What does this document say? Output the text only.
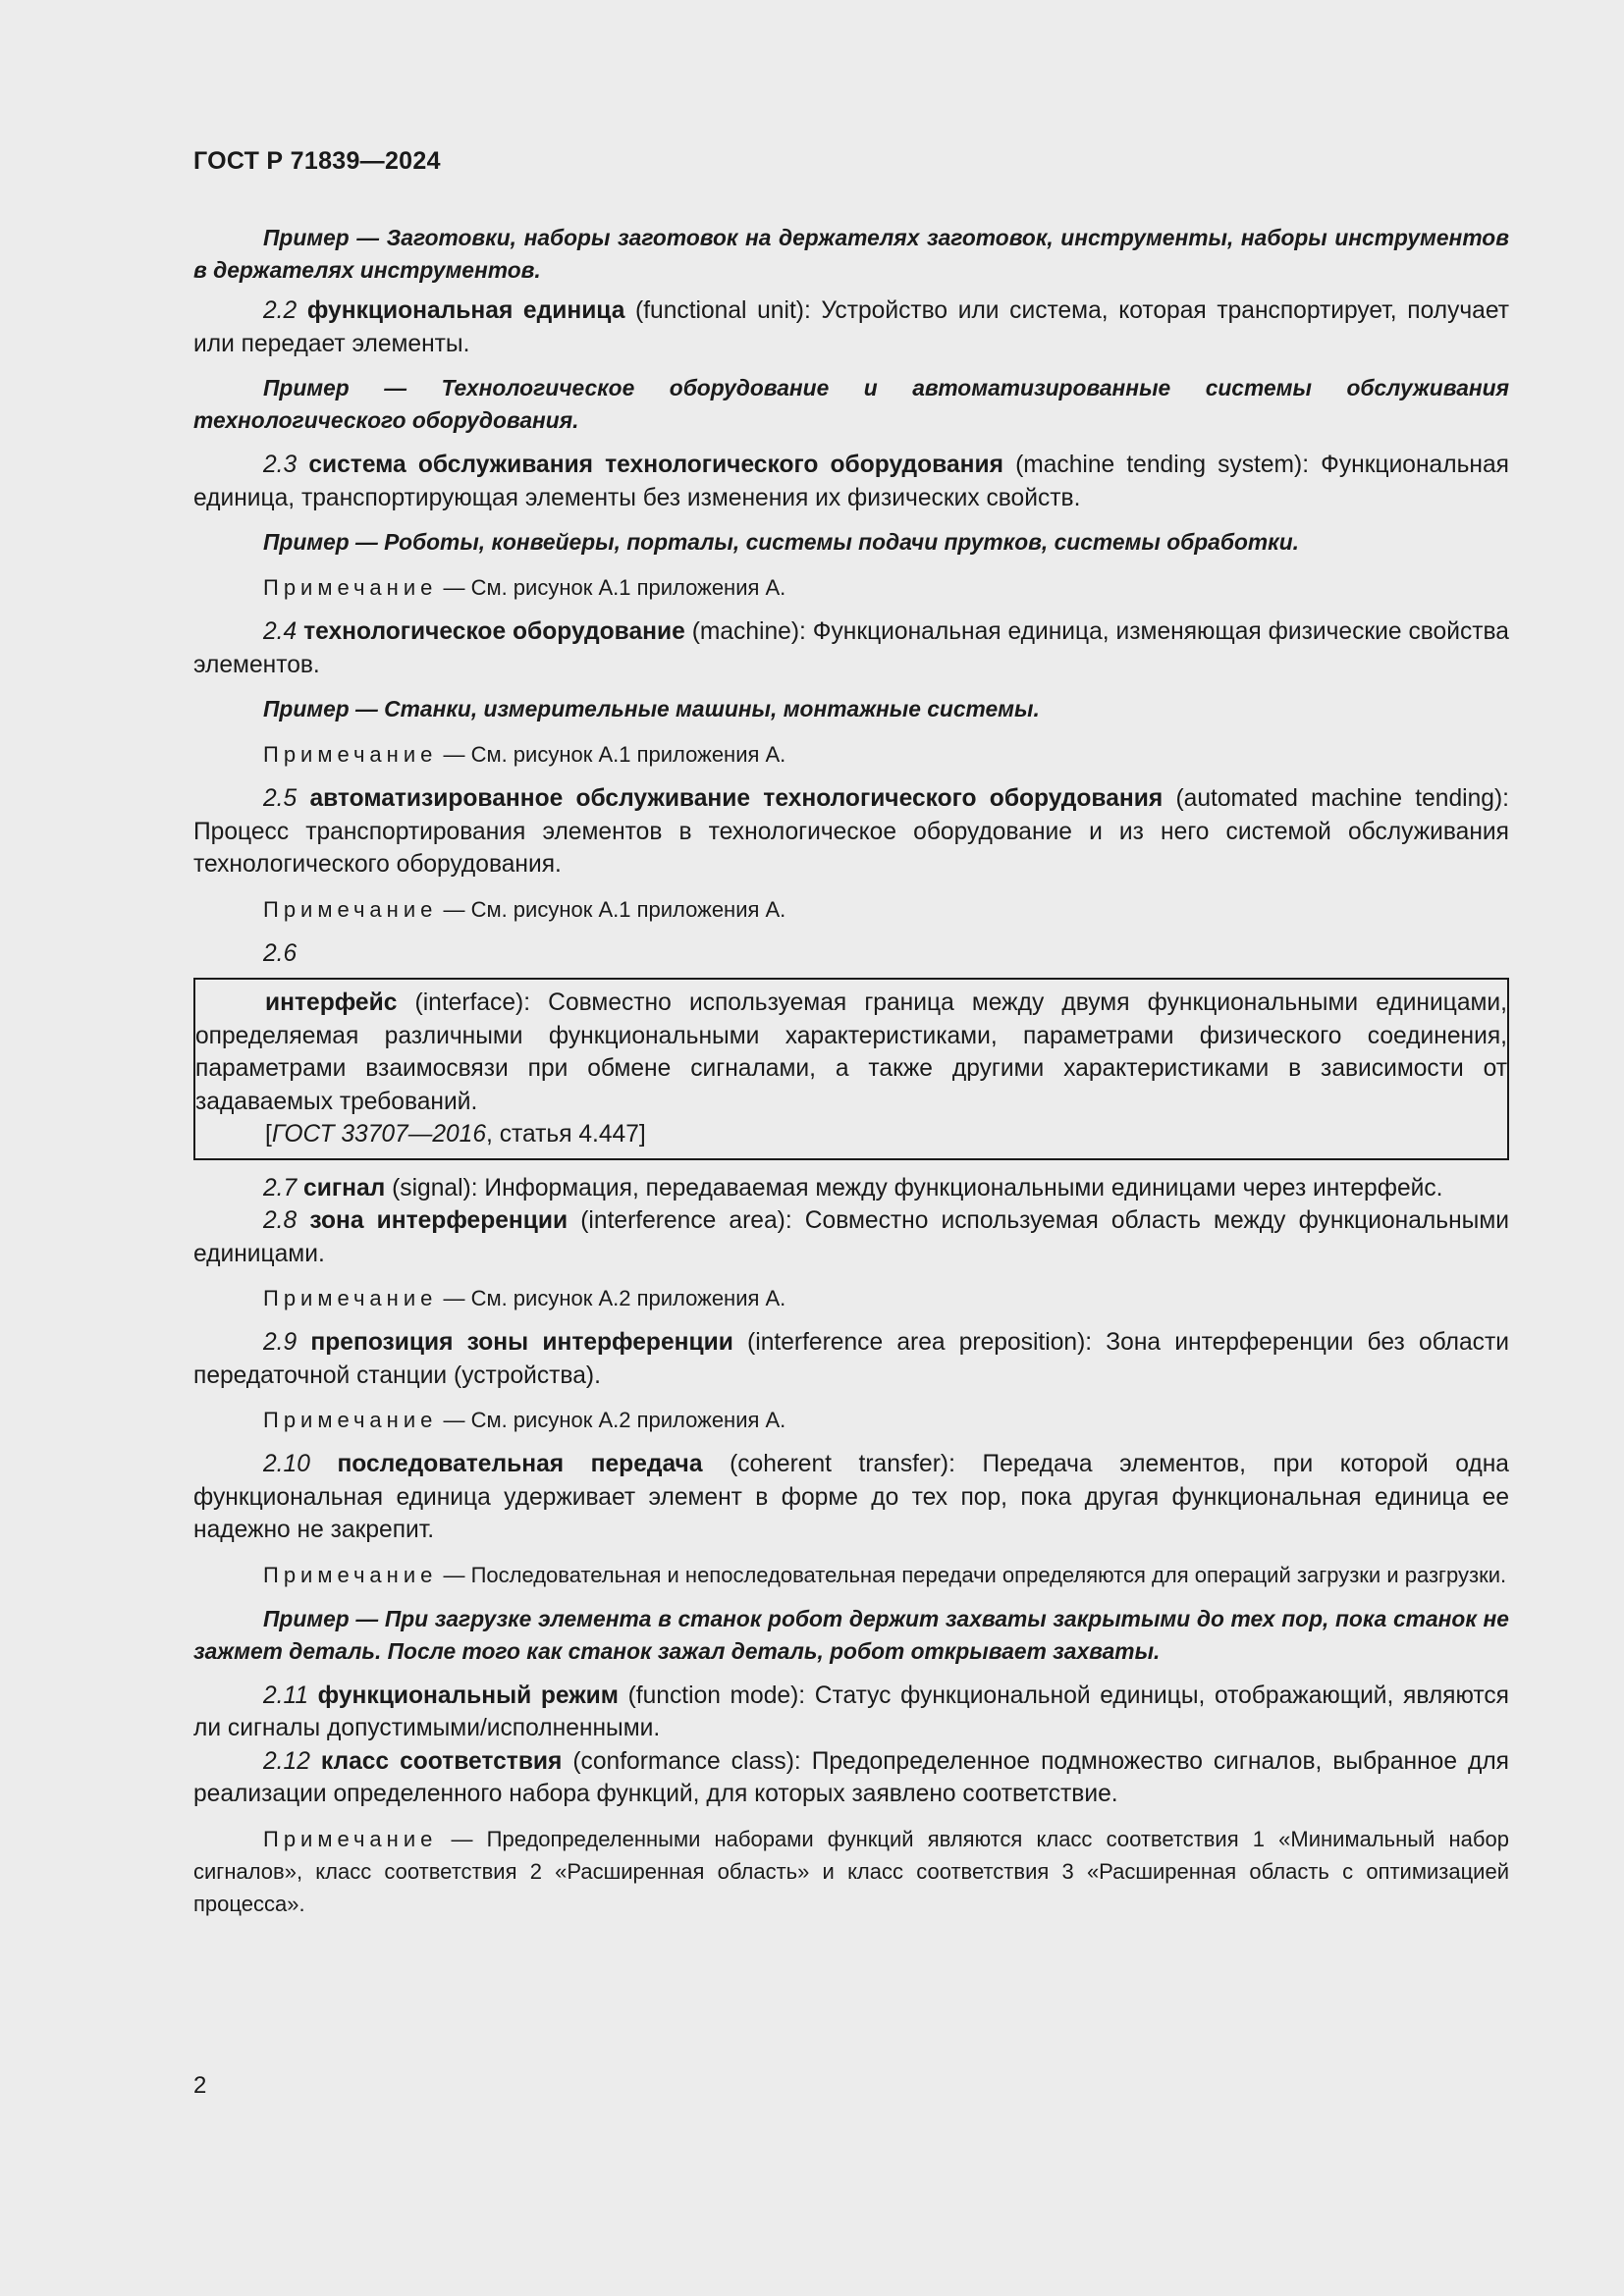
ГОСТ Р 71839—2024

Пример — Заготовки, наборы заготовок на держателях заготовок, инструменты, наборы инструментов в держателях инструментов.

2.2 функциональная единица (functional unit): Устройство или система, которая транспортирует, получает или передает элементы.

Пример — Технологическое оборудование и автоматизированные системы обслуживания технологического оборудования.

2.3 система обслуживания технологического оборудования (machine tending system): Функциональная единица, транспортирующая элементы без изменения их физических свойств.

Пример — Роботы, конвейеры, порталы, системы подачи прутков, системы обработки.

Примечание — См. рисунок А.1 приложения А.

2.4 технологическое оборудование (machine): Функциональная единица, изменяющая физические свойства элементов.

Пример — Станки, измерительные машины, монтажные системы.

Примечание — См. рисунок А.1 приложения А.

2.5 автоматизированное обслуживание технологического оборудования (automated machine tending): Процесс транспортирования элементов в технологическое оборудование и из него системой обслуживания технологического оборудования.

Примечание — См. рисунок А.1 приложения А.

2.6

интерфейс (interface): Совместно используемая граница между двумя функциональными единицами, определяемая различными функциональными характеристиками, параметрами физического соединения, параметрами взаимосвязи при обмене сигналами, а также другими характеристиками в зависимости от задаваемых требований.

[ГОСТ 33707—2016, статья 4.447]

2.7 сигнал (signal): Информация, передаваемая между функциональными единицами через интерфейс.

2.8 зона интерференции (interference area): Совместно используемая область между функциональными единицами.

Примечание — См. рисунок А.2 приложения А.

2.9 препозиция зоны интерференции (interference area preposition): Зона интерференции без области передаточной станции (устройства).

Примечание — См. рисунок А.2 приложения А.

2.10 последовательная передача (coherent transfer): Передача элементов, при которой одна функциональная единица удерживает элемент в форме до тех пор, пока другая функциональная единица ее надежно не закрепит.

Примечание — Последовательная и непоследовательная передачи определяются для операций загрузки и разгрузки.

Пример — При загрузке элемента в станок робот держит захваты закрытыми до тех пор, пока станок не зажмет деталь. После того как станок зажал деталь, робот открывает захваты.

2.11 функциональный режим (function mode): Статус функциональной единицы, отображающий, являются ли сигналы допустимыми/исполненными.

2.12 класс соответствия (conformance class): Предопределенное подмножество сигналов, выбранное для реализации определенного набора функций, для которых заявлено соответствие.

Примечание — Предопределенными наборами функций являются класс соответствия 1 «Минимальный набор сигналов», класс соответствия 2 «Расширенная область» и класс соответствия 3 «Расширенная область с оптимизацией процесса».

2
